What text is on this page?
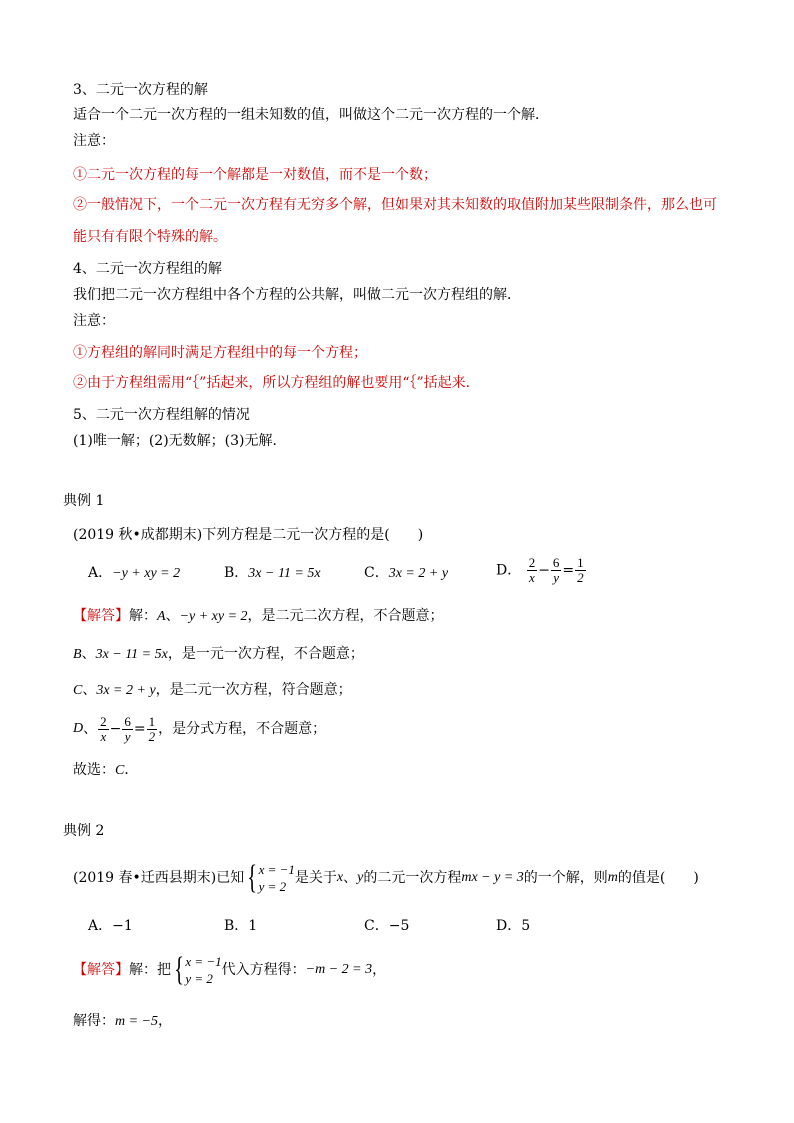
3、二元一次方程的解
适合一个二元一次方程的一组未知数的值，叫做这个二元一次方程的一个解．
注意：
①二元一次方程的每一个解都是一对数值，而不是一个数；
②一般情况下，一个二元一次方程有无穷多个解，但如果对其未知数的取值附加某些限制条件，那么也可
能只有有限个特殊的解。
4、二元一次方程组的解
我们把二元一次方程组中各个方程的公共解，叫做二元一次方程组的解．
注意：
①方程组的解同时满足方程组中的每一个方程；
②由于方程组需用“｛”括起来，所以方程组的解也要用“｛”括起来．
5、二元一次方程组解的情况
(1)唯一解；(2)无数解；(3)无解．
典例 1
(2019 秋•成都期末)下列方程是二元一次方程的是(　　)
A．−y + xy = 2	B．3x − 11 = 5x	C．3x = 2 + y	D． $\frac{2}{x} - \frac{6}{y} = \frac{1}{2}$
【解答】解：A、−y + xy = 2，是二元二次方程，不合题意；
B、3x − 11 = 5x，是一元一次方程，不合题意；
C、3x = 2 + y，是二元一次方程，符合题意；
D、 $\frac{2}{x} - \frac{6}{y} = \frac{1}{2}$ ，是分式方程，不合题意；
故选：C．
典例 2
(2019 春•迁西县期末)已知 { x = −1
y = 2
是关于x、y的二元一次方程mx − y = 3的一个解，则m的值是(　　)
A．−1	B．1	C．−5	D．5
【解答】解：把 { x = −1
y = 2
代入方程得：−m − 2 = 3，
解得：m = −5，
